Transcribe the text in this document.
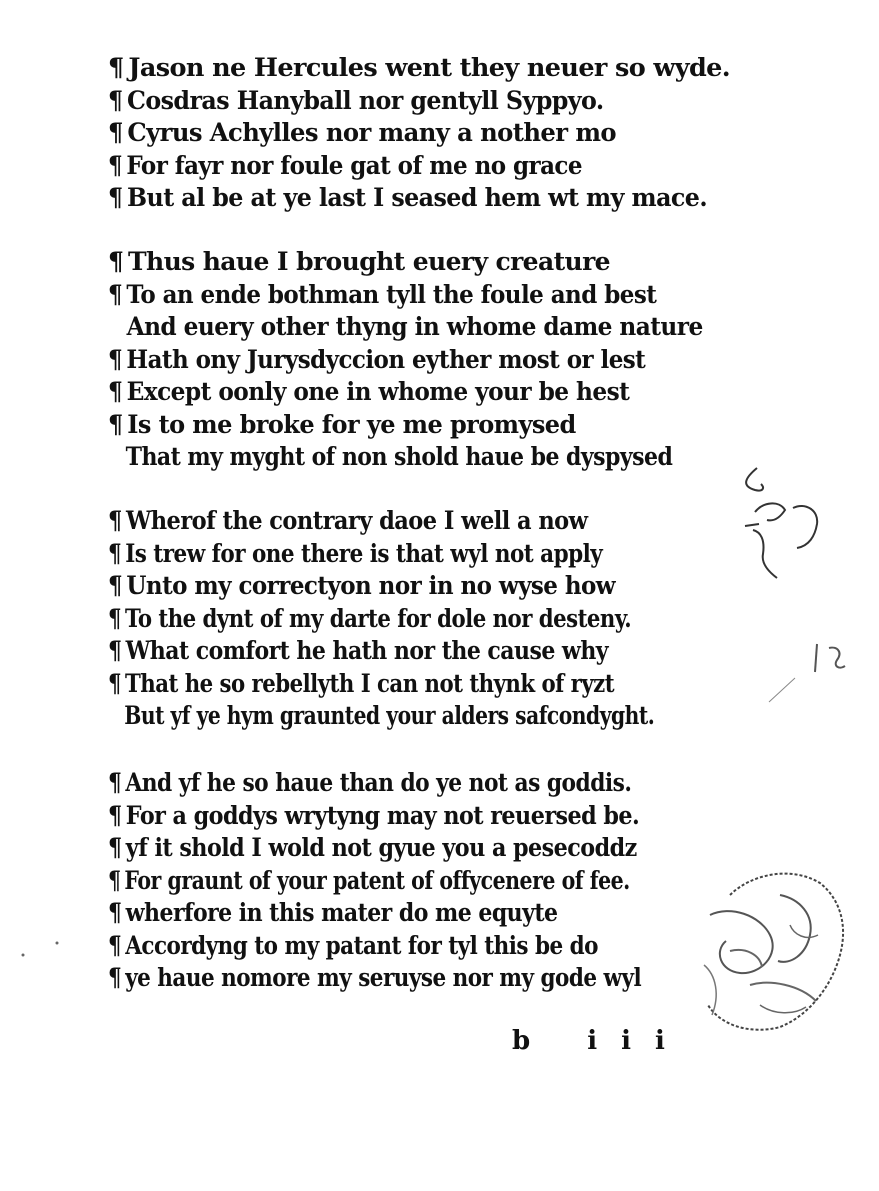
¶ Jason ne Hercules went they neuer so wyde.
¶ Cosdras Hanyball nor gentyll Syppyo.
¶ Cyrus Achylles nor many a nother mo
¶ For fayr nor foule gat of me no grace
¶ But al be at ye last I seased hem wt my mace.
¶ Thus haue I brought euery creature
¶ To an ende bothman tyll the foule and best
And euery other thyng in whome dame nature
¶ Hath ony Jurysdyccion eyther most or lest
¶ Except oonly one in whome your be hest
¶ Is to me broke for ye me promysed
That my myght of non shold haue be dyspysed
¶ Wherof the contrary daoe I well a now
¶ Is trew for one there is that wyl not apply
¶ Unto my correctyon nor in no wyse how
¶ To the dynt of my darte for dole nor desteny.
¶ What comfort he hath nor the cause why
¶ That he so rebellyth I can not thynk of ryzt
But yf ye hym graunted your alders safcondyght.
¶ And yf he so haue than do ye not as goddis.
¶ For a goddys wrytyng may not reuersed be.
¶ yf it shold I wold not gyue you a pesecoddz
¶ For graunt of your patent of offycenere of fee.
¶ wherfore in this mater do me equyte
¶ Accordyng to my patant for tyl this be do
¶ ye haue nomore my seruyse nor my gode wyl
b iii
